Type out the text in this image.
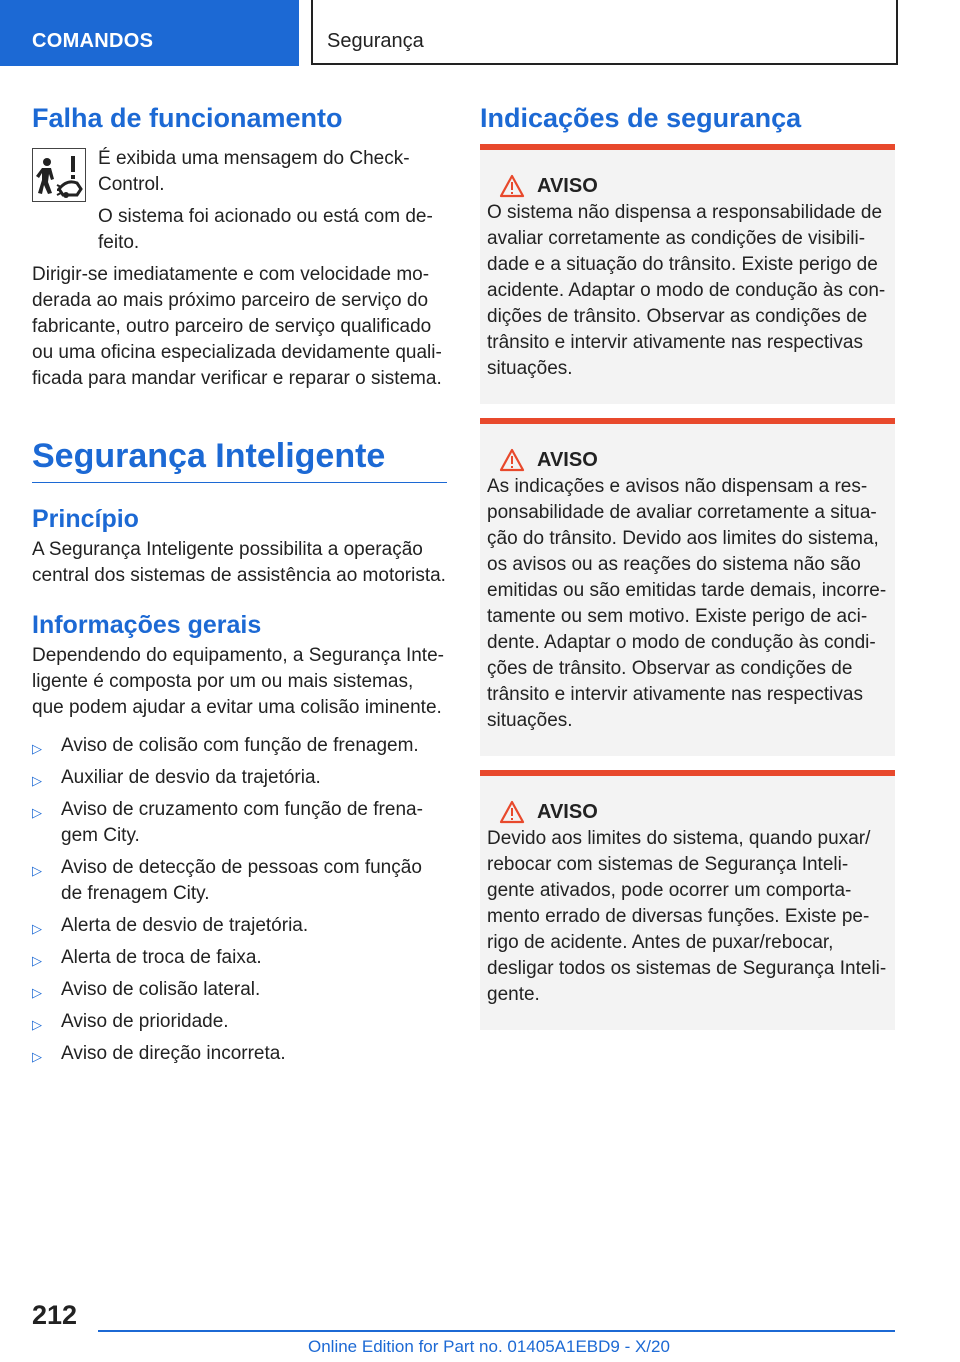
COMANDOS	Segurança
Falha de funcionamento

É exibida uma mensagem do Check-Control.

O sistema foi acionado ou está com defeito.

Dirigir-se imediatamente e com velocidade moderada ao mais próximo parceiro de serviço do fabricante, outro parceiro de serviço qualificado ou uma oficina especializada devidamente qualificada para mandar verificar e reparar o sistema.

Segurança Inteligente
Princípio

A Segurança Inteligente possibilita a operação central dos sistemas de assistência ao motorista.

Informações gerais

Dependendo do equipamento, a Segurança Inteligente é composta por um ou mais sistemas, que podem ajudar a evitar uma colisão iminente.

▷ Aviso de colisão com função de frenagem.
▷ Auxiliar de desvio da trajetória.
▷ Aviso de cruzamento com função de frenagem City.
▷ Aviso de detecção de pessoas com função de frenagem City.
▷ Alerta de desvio de trajetória.
▷ Alerta de troca de faixa.
▷ Aviso de colisão lateral.
▷ Aviso de prioridade.
▷ Aviso de direção incorreta.
Indicações de segurança
AVISO

O sistema não dispensa a responsabilidade de avaliar corretamente as condições de visibilidade e a situação do trânsito. Existe perigo de acidente. Adaptar o modo de condução às condições de trânsito. Observar as condições de trânsito e intervir ativamente nas respectivas situações.

AVISO

As indicações e avisos não dispensam a responsabilidade de avaliar corretamente a situação do trânsito. Devido aos limites do sistema, os avisos ou as reações do sistema não são emitidas ou são emitidas tarde demais, incorretamente ou sem motivo. Existe perigo de acidente. Adaptar o modo de condução às condições de trânsito. Observar as condições de trânsito e intervir ativamente nas respectivas situações.

AVISO

Devido aos limites do sistema, quando puxar/ rebocar com sistemas de Segurança Inteligente ativados, pode ocorrer um comportamento errado de diversas funções. Existe perigo de acidente. Antes de puxar/rebocar, desligar todos os sistemas de Segurança Inteligente.

212
Online Edition for Part no. 01405A1EBD9 - X/20
